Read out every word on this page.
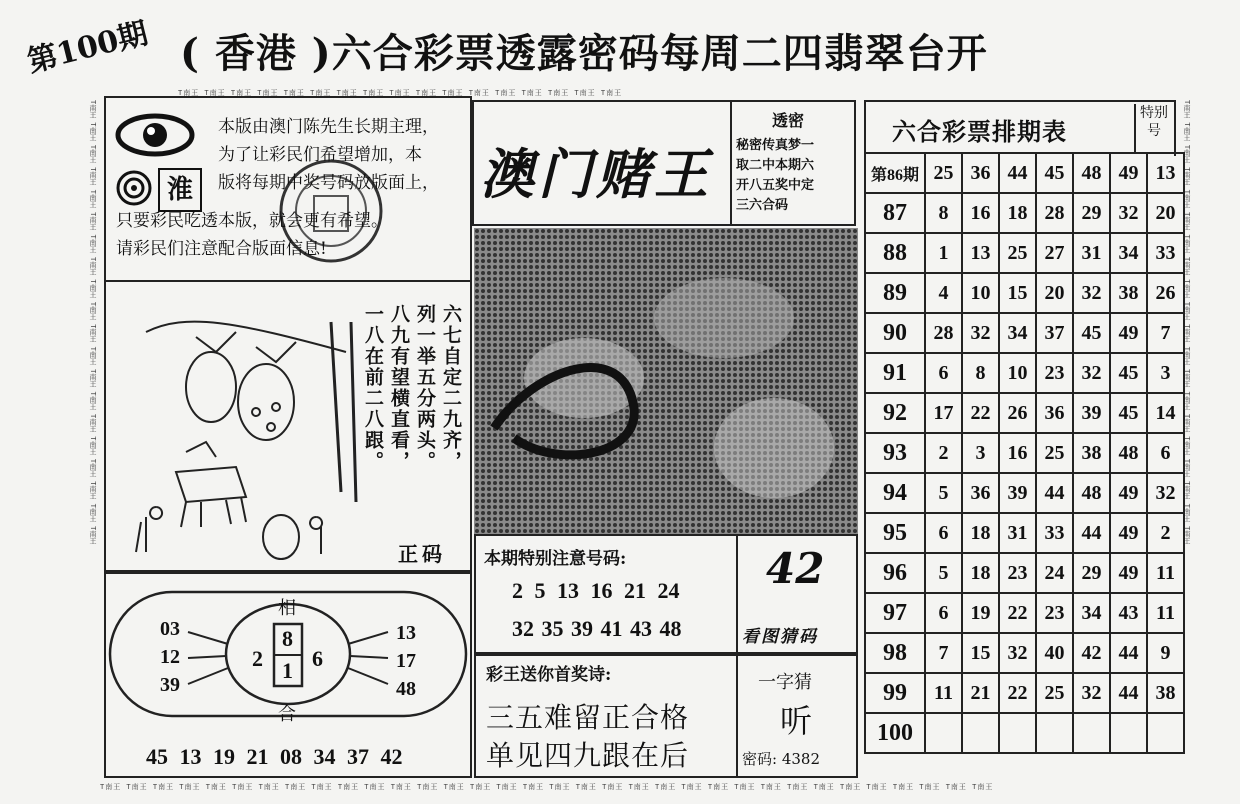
T南王 T南王 T南王 T南王 T南王 T南王 T南王 T南王 T南王 T南王 T南王 T南王 T南王 T南王 T南王 T南王 T南王
T南王 T南王 T南王 T南王 T南王 T南王 T南王 T南王 T南王 T南王 T南王 T南王 T南王 T南王 T南王 T南王 T南王 T南王 T南王 T南王	T南王 T南王 T南王 T南王 T南王 T南王 T南王 T南王 T南王 T南王 T南王 T南王 T南王 T南王 T南王 T南王 T南王 T南王 T南王 T南王
T南王 T南王 T南王 T南王 T南王 T南王 T南王 T南王 T南王 T南王 T南王 T南王 T南王 T南王 T南王 T南王 T南王 T南王 T南王 T南王 T南王 T南王 T南王 T南王 T南王 T南王 T南王 T南王 T南王 T南王 T南王 T南王 T南王 T南王
第100期 ( 香港 )六合彩票透露密码每周二四翡翠台开
淮
本版由澳门陈先生长期主理，
为了让彩民们希望增加，本
版将每期中奖号码放版面上，
只要彩民吃透本版，就会更有希望。
请彩民们注意配合版面信息!
澳门赌王
透密
秘密传真梦一
取二中本期六
开八五奖中定
三六合码
六七自定二九齐，
列一举五分两头。
八九有望横直看，
一八在前二八跟。
正码
相
合
03
12
39
13
17
48
2
8
1 6
45 13 19 21 08 34 37 42
本期特别注意号码:
2 5 13 16 21 24
32 35 39 41 43 48
42
看图猜码
彩王送你首奖诗:
三五难留正合格
单见四九跟在后
一字猜
听
密码: 4382
六合彩票排期表
特别号
第86期	25	36	44	45	48	49	13
87	8	16	18	28	29	32	20
88	1	13	25	27	31	34	33
89	4	10	15	20	32	38	26
90	28	32	34	37	45	49	7
91	6	8	10	23	32	45	3
92	17	22	26	36	39	45	14
93	2	3	16	25	38	48	6
94	5	36	39	44	48	49	32
95	6	18	31	33	44	49	2
96	5	18	23	24	29	49	11
97	6	19	22	23	34	43	11
98	7	15	32	40	42	44	9
99	11	21	22	25	32	44	38
100							
